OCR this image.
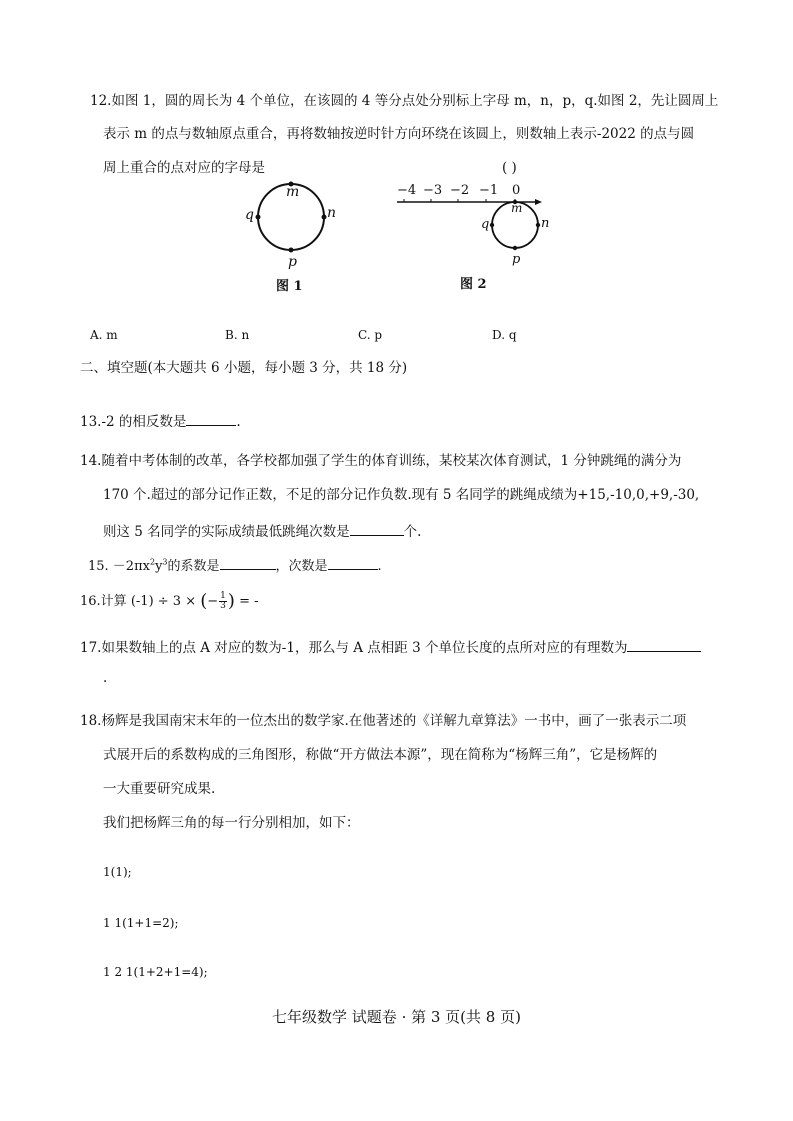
12.如图 1，圆的周长为 4 个单位，在该圆的 4 等分点处分别标上字母 m，n，p，q.如图 2，先让圆周上
表示 m 的点与数轴原点重合，再将数轴按逆时针方向环绕在该圆上，则数轴上表示-2022 的点与圆
周上重合的点对应的字母是	( )
m
n
p
q
图 1
−4 −3 −2 −1 0
m
n
p
q
图 2
A. m	B. n	C. p	D. q
二、填空题(本大题共 6 小题，每小题 3 分，共 18 分)
13.-2 的相反数是	.
14.随着中考体制的改革，各学校都加强了学生的体育训练，某校某次体育测试，1 分钟跳绳的满分为
170 个.超过的部分记作正数，不足的部分记作负数.现有 5 名同学的跳绳成绩为+15,-10,0,+9,-30,
则这 5 名同学的实际成绩最低跳绳次数是	个.
15. $-2\pi x^2y^3$的系数是	，次数是	.
16.计算 (-1) ÷ 3 × (− $\frac{1}{3}$ ) = -
17.如果数轴上的点 A 对应的数为-1，那么与 A 点相距 3 个单位长度的点所对应的有理数为
.
18.杨辉是我国南宋末年的一位杰出的数学家.在他著述的《详解九章算法》一书中，画了一张表示二项
式展开后的系数构成的三角图形，称做“开方做法本源”，现在简称为“杨辉三角”，它是杨辉的
一大重要研究成果.
我们把杨辉三角的每一行分别相加，如下：
1(1);
1 1(1+1=2);
1 2 1(1+2+1=4);
七年级数学 试题卷 · 第 3 页(共 8 页)
